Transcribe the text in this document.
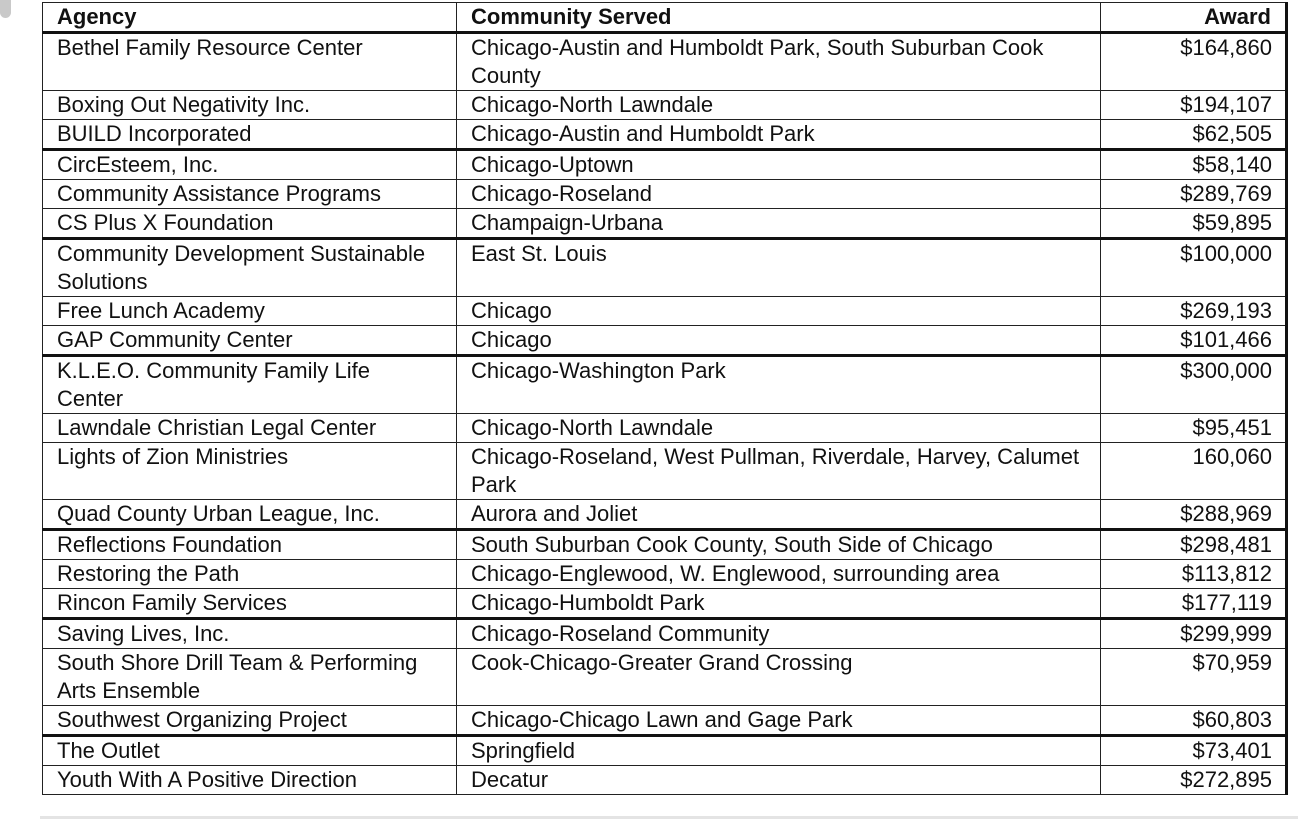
Agency	Community Served	Award
Bethel Family Resource Center	Chicago-Austin and Humboldt Park, South Suburban Cook County	$164,860
Boxing Out Negativity Inc.	Chicago-North Lawndale	$194,107
BUILD Incorporated	Chicago-Austin and Humboldt Park	$62,505
CircEsteem, Inc.	Chicago-Uptown	$58,140
Community Assistance Programs	Chicago-Roseland	$289,769
CS Plus X Foundation	Champaign-Urbana	$59,895
Community Development Sustainable Solutions	East St. Louis	$100,000
Free Lunch Academy	Chicago	$269,193
GAP Community Center	Chicago	$101,466
K.L.E.O. Community Family Life Center	Chicago-Washington Park	$300,000
Lawndale Christian Legal Center	Chicago-North Lawndale	$95,451
Lights of Zion Ministries	Chicago-Roseland, West Pullman, Riverdale, Harvey, Calumet Park	160,060
Quad County Urban League, Inc.	Aurora and Joliet	$288,969
Reflections Foundation	South Suburban Cook County, South Side of Chicago	$298,481
Restoring the Path	Chicago-Englewood, W. Englewood, surrounding area	$113,812
Rincon Family Services	Chicago-Humboldt Park	$177,119
Saving Lives, Inc.	Chicago-Roseland Community	$299,999
South Shore Drill Team & Performing Arts Ensemble	Cook-Chicago-Greater Grand Crossing	$70,959
Southwest Organizing Project	Chicago-Chicago Lawn and Gage Park	$60,803
The Outlet	Springfield	$73,401
Youth With A Positive Direction	Decatur	$272,895
